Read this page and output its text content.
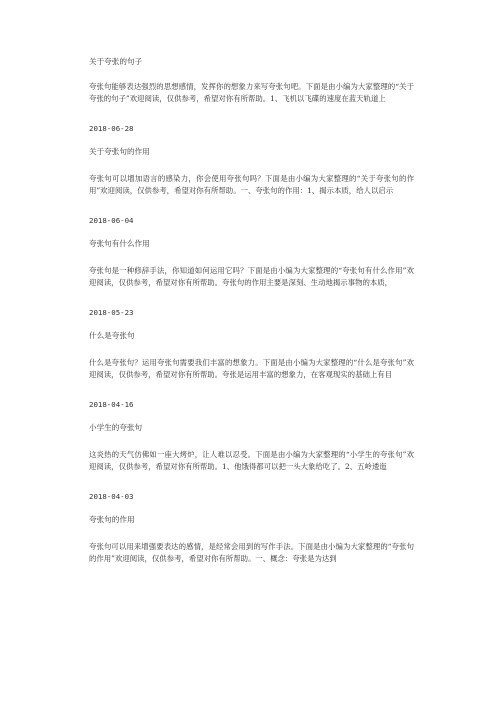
关于夸张的句子
夸张句能够表达强烈的思想感情，发挥你的想象力来写夸张句吧。下面是由小编为大家整理的“关于夸张的句子”欢迎阅读，仅供参考，希望对你有所帮助。1、飞机以飞碟的速度在蓝天轨道上
2018-06-28
关于夸张句的作用
夸张句可以增加语言的感染力，你会使用夸张句吗？下面是由小编为大家整理的“关于夸张句的作用”欢迎阅读，仅供参考，希望对你有所帮助。一、夸张句的作用：1、揭示本质，给人以启示
2018-06-04
夸张句有什么作用
夸张句是一种修辞手法，你知道如何运用它吗？下面是由小编为大家整理的“夸张句有什么作用”欢迎阅读，仅供参考，希望对你有所帮助。夸张句的作用主要是深刻、生动地揭示事物的本质，
2018-05-23
什么是夸张句
什么是夸张句？运用夸张句需要我们丰富的想象力。下面是由小编为大家整理的“什么是夸张句”欢迎阅读，仅供参考，希望对你有所帮助。夸张是运用丰富的想象力，在客观现实的基础上有目
2018-04-16
小学生的夸张句
这炎热的天气仿佛如一座大烤炉，让人难以忍受。下面是由小编为大家整理的“小学生的夸张句”欢迎阅读，仅供参考，希望对你有所帮助。1、他饿得都可以把一头大象给吃了。2、五岭逶迤
2018-04-03
夸张句的作用
夸张句可以用来增强要表达的感情，是经常会用到的写作手法。下面是由小编为大家整理的“夸张句的作用”欢迎阅读，仅供参考，希望对你有所帮助。一、概念：夸张是为达到
